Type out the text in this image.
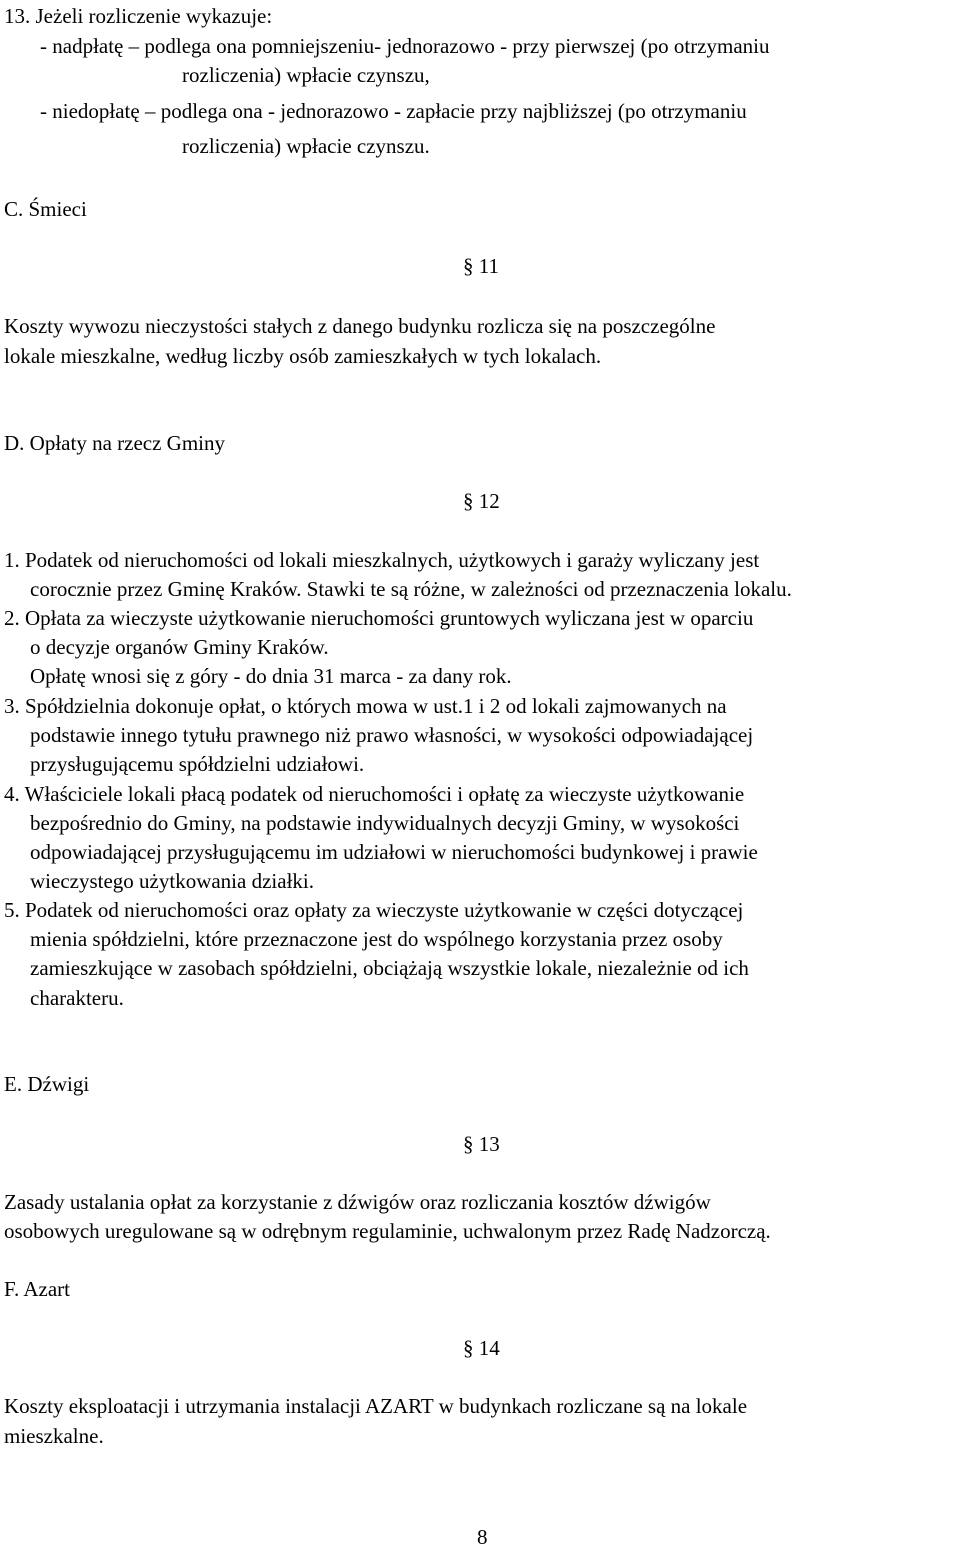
13. Jeżeli rozliczenie wykazuje:
- nadpłatę – podlega ona pomniejszeniu- jednorazowo - przy pierwszej (po otrzymaniu
rozliczenia) wpłacie czynszu,
- niedopłatę – podlega ona - jednorazowo - zapłacie przy najbliższej (po otrzymaniu
rozliczenia) wpłacie czynszu.
C. Śmieci
§ 11
Koszty wywozu nieczystości stałych z danego budynku rozlicza się na poszczególne
lokale mieszkalne, według liczby osób zamieszkałych w tych lokalach.
D. Opłaty na rzecz Gminy
§ 12
1. Podatek od nieruchomości od lokali mieszkalnych, użytkowych i garaży wyliczany jest
corocznie przez Gminę Kraków. Stawki te są różne, w zależności od przeznaczenia lokalu.
2. Opłata za wieczyste użytkowanie nieruchomości gruntowych wyliczana jest w oparciu
o decyzje organów Gminy Kraków.
Opłatę wnosi się z góry - do dnia 31 marca - za dany rok.
3. Spółdzielnia dokonuje opłat, o których mowa w ust.1 i 2 od lokali zajmowanych na
podstawie innego tytułu prawnego niż prawo własności, w wysokości odpowiadającej
przysługującemu spółdzielni udziałowi.
4. Właściciele lokali płacą podatek od nieruchomości i opłatę za wieczyste użytkowanie
bezpośrednio do Gminy, na podstawie indywidualnych decyzji Gminy, w wysokości
odpowiadającej przysługującemu im udziałowi w nieruchomości budynkowej i prawie
wieczystego użytkowania działki.
5. Podatek od nieruchomości oraz opłaty za wieczyste użytkowanie w części dotyczącej
mienia spółdzielni, które przeznaczone jest do wspólnego korzystania przez osoby
zamieszkujące w zasobach spółdzielni, obciążają wszystkie lokale, niezależnie od ich
charakteru.
E. Dźwigi
§ 13
Zasady ustalania opłat za korzystanie z dźwigów oraz rozliczania kosztów dźwigów
osobowych uregulowane są w odrębnym regulaminie, uchwalonym przez Radę Nadzorczą.
F. Azart
§ 14
Koszty eksploatacji i utrzymania instalacji AZART w budynkach rozliczane są na lokale
mieszkalne.
8
